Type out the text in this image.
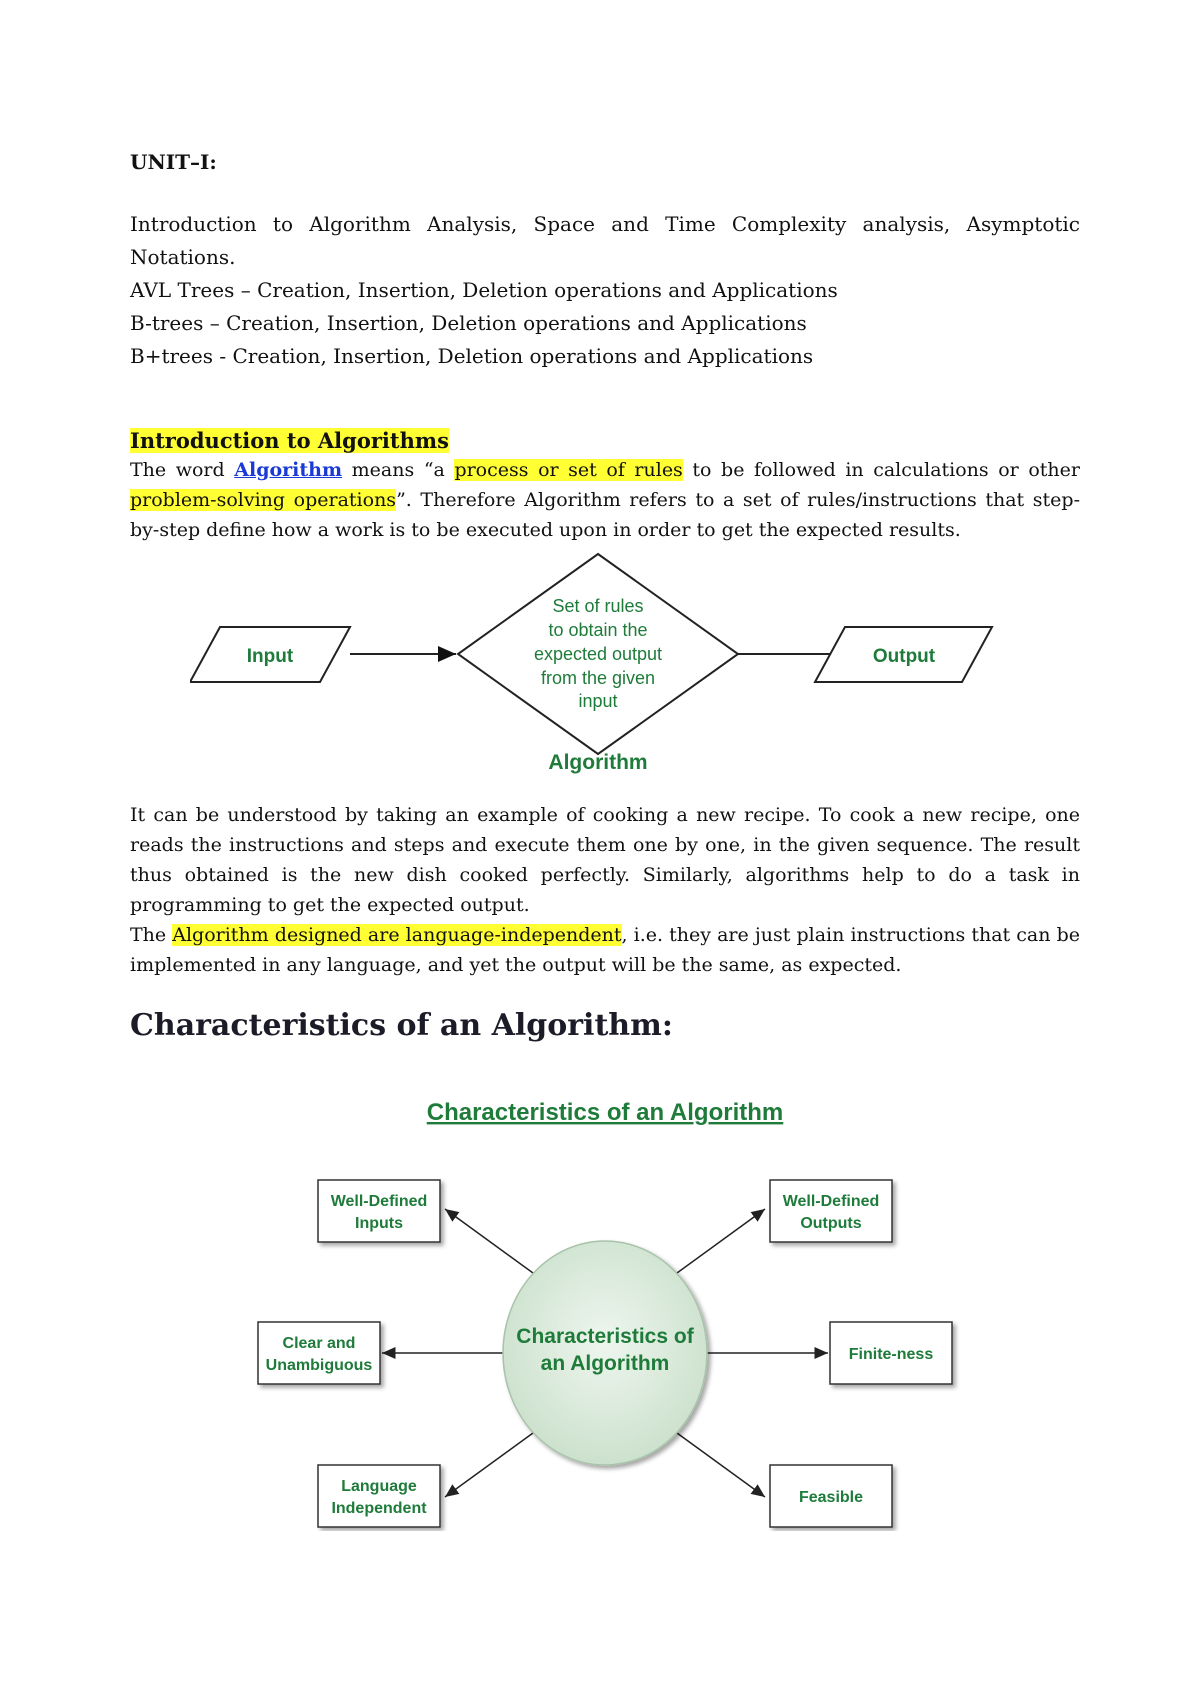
UNIT–I:
Introduction to Algorithm Analysis, Space and Time Complexity analysis, Asymptotic
Notations.
AVL Trees – Creation, Insertion, Deletion operations and Applications
B-trees – Creation, Insertion, Deletion operations and Applications
B+trees - Creation, Insertion, Deletion operations and Applications
Introduction to Algorithms
The word Algorithm means “a process or set of rules to be followed in calculations or other
problem-solving operations”. Therefore Algorithm refers to a set of rules/instructions that step-
by-step define how a work is to be executed upon in order to get the expected results.
Input
Set of rules
to obtain the
expected output
from the given
input
Output
Algorithm
It can be understood by taking an example of cooking a new recipe. To cook a new recipe, one
reads the instructions and steps and execute them one by one, in the given sequence. The result
thus obtained is the new dish cooked perfectly. Similarly, algorithms help to do a task in
programming to get the expected output.
The Algorithm designed are language-independent, i.e. they are just plain instructions that can be
implemented in any language, and yet the output will be the same, as expected.
Characteristics of an Algorithm:
Characteristics of an Algorithm
Characteristics of
an Algorithm
Well-Defined
Inputs
Well-Defined
Outputs
Clear and
Unambiguous
Finite-ness
Language
Independent
Feasible
